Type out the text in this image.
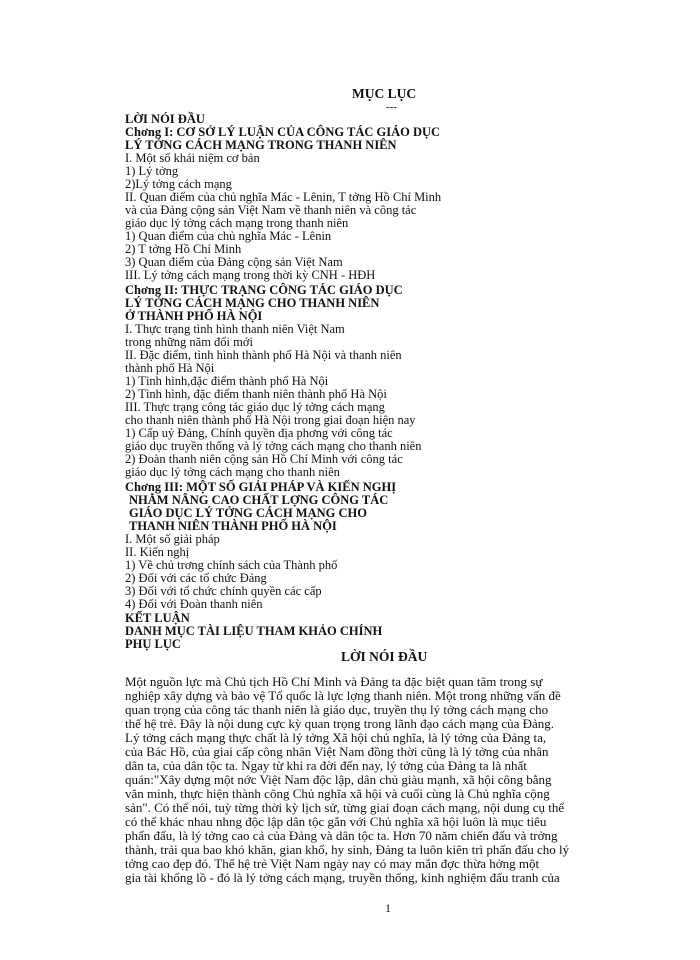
MỤC LỤC
---
LỜI NÓI ĐẦU
Chơng I: CƠ SỞ LÝ LUẬN CỦA CÔNG TÁC GIÁO DỤC
LÝ TỞNG CÁCH MẠNG TRONG THANH NIÊN
I. Một số khái niệm cơ bản
1) Lý tởng
2)Lý tởng cách mạng
II. Quan điểm của chủ nghĩa Mác - Lênin, T tởng Hồ Chí Minh
và của Đảng cộng sản Việt Nam về thanh niên và công tác
giáo dục lý tởng cách mạng trong thanh niên
1) Quan điểm của chủ nghĩa Mác - Lênin
2) T tởng Hồ Chí Minh
3) Quan điểm của Đảng cộng sản Việt Nam
III. Lý tởng cách mạng trong thời kỳ CNH - HĐH
Chơng II: THỰC TRẠNG CÔNG TÁC GIÁO DỤC
LÝ TỞNG CÁCH MẠNG CHO THANH NIÊN
Ở THÀNH PHỐ HÀ NỘI
I. Thực trạng tình hình thanh niên Việt Nam
trong những năm đổi mới
II. Đặc điểm, tình hình thành phố Hà Nội và thanh niên
thành phố Hà Nội
1) Tình hình,đặc điểm thành phố Hà Nội
2) Tình hình, đặc điểm thanh niên thành phố Hà Nội
III. Thực trạng công tác giáo dục lý tởng cách mạng
cho thanh niên thành phố Hà Nội trong giai đoạn hiện nay
1) Cấp uỷ Đảng, Chính quyền địa phơng với công tác
giáo dục truyền thống và lý tởng cách mạng cho thanh niên
2) Đoàn thanh niên cộng sản Hồ Chí Minh với công tác
giáo dục lý tởng cách mạng cho thanh niên
Chơng III: MỘT SỐ GIẢI PHÁP VÀ KIẾN NGHỊ
NHẰM NÂNG CAO CHẤT LỢNG CÔNG TÁC
GIÁO DỤC LÝ TỞNG CÁCH MẠNG CHO
THANH NIÊN THÀNH PHỐ HÀ NỘI
I. Một số giải pháp
II. Kiến nghị
1) Về chủ trơng chính sách của Thành phố
2) Đối với các tổ chức Đảng
3) Đối với tổ chức chính quyền các cấp
4) Đối với Đoàn thanh niên
KẾT LUẬN
DANH MỤC TÀI LIỆU THAM KHẢO CHÍNH
PHỤ LỤC
LỜI NÓI ĐẦU
Một nguồn lực mà Chủ tịch Hồ Chí Minh và Đảng ta đặc biệt quan tâm trong sự
nghiệp xây dựng và bảo vệ Tổ quốc là lực lợng thanh niên. Một trong những vấn đề
quan trọng của công tác thanh niên là giáo dục, truyền thụ lý tởng cách mạng cho
thế hệ trẻ. Đây là nội dung cực kỳ quan trọng trong lãnh đạo cách mạng của Đảng.
Lý tởng cách mạng thực chất là lý tởng Xã hội chủ nghĩa, là lý tởng của Đảng ta,
của Bác Hồ, của giai cấp công nhân Việt Nam đồng thời cũng là lý tởng của nhân
dân ta, của dân tộc ta. Ngay từ khi ra đời đến nay, lý tởng của Đảng ta là nhất
quán:"Xây dựng một nớc Việt Nam độc lập, dân chủ giàu mạnh, xã hội công bằng
văn minh, thực hiện thành công Chủ nghĩa xã hội và cuối cùng là Chủ nghĩa cộng
sản". Có thể nói, tuỳ từng thời kỳ lịch sử, từng giai đoạn cách mạng, nội dung cụ thể
có thể khác nhau nhng độc lập dân tộc gắn với Chủ nghĩa xã hội luôn là mục tiêu
phấn đấu, là lý tởng cao cả của Đảng và dân tộc ta. Hơn 70 năm chiến đấu và trởng
thành, trải qua bao khó khăn, gian khổ, hy sinh, Đảng ta luôn kiên trì phấn đấu cho lý
tởng cao đẹp đó. Thế hệ trẻ Việt Nam ngày nay có may mắn đợc thừa hởng một
gia tài khổng lồ - đó là lý tởng cách mạng, truyền thống, kinh nghiệm đấu tranh của
1
